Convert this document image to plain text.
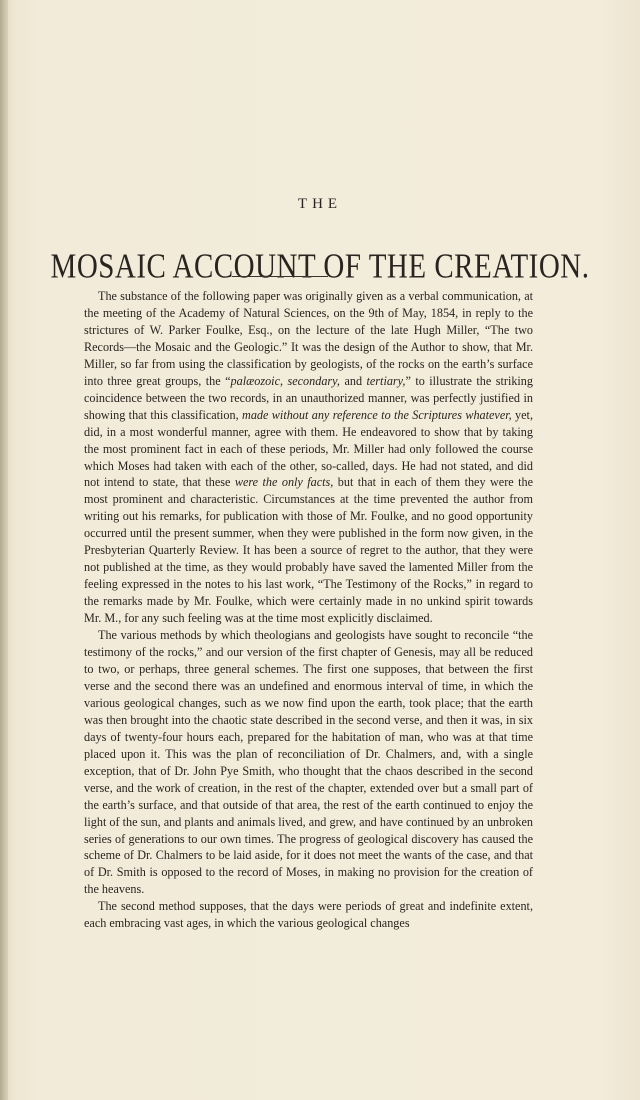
THE
MOSAIC ACCOUNT OF THE CREATION.

The substance of the following paper was originally given as a verbal communication, at the meeting of the Academy of Natural Sciences, on the 9th of May, 1854, in reply to the strictures of W. Parker Foulke, Esq., on the lecture of the late Hugh Miller, “The two Records—the Mosaic and the Geologic.” It was the design of the Author to show, that Mr. Miller, so far from using the classification by geologists, of the rocks on the earth’s surface into three great groups, the “palæozoic, secondary, and tertiary,” to illustrate the striking coincidence between the two records, in an unauthorized manner, was perfectly justified in showing that this classification, made without any reference to the Scriptures whatever, yet, did, in a most wonderful manner, agree with them. He endeavored to show that by taking the most prominent fact in each of these periods, Mr. Miller had only followed the course which Moses had taken with each of the other, so-called, days. He had not stated, and did not intend to state, that these were the only facts, but that in each of them they were the most prominent and characteristic. Circumstances at the time prevented the author from writing out his remarks, for publication with those of Mr. Foulke, and no good opportunity occurred until the present summer, when they were published in the form now given, in the Presbyterian Quarterly Review. It has been a source of regret to the author, that they were not published at the time, as they would probably have saved the lamented Miller from the feeling expressed in the notes to his last work, “The Testimony of the Rocks,” in regard to the remarks made by Mr. Foulke, which were certainly made in no unkind spirit towards Mr. M., for any such feeling was at the time most explicitly disclaimed.

The various methods by which theologians and geologists have sought to reconcile “the testimony of the rocks,” and our version of the first chapter of Genesis, may all be reduced to two, or perhaps, three general schemes. The first one supposes, that between the first verse and the second there was an undefined and enormous interval of time, in which the various geological changes, such as we now find upon the earth, took place; that the earth was then brought into the chaotic state described in the second verse, and then it was, in six days of twenty-four hours each, prepared for the habitation of man, who was at that time placed upon it. This was the plan of reconciliation of Dr. Chalmers, and, with a single exception, that of Dr. John Pye Smith, who thought that the chaos described in the second verse, and the work of creation, in the rest of the chapter, extended over but a small part of the earth’s surface, and that outside of that area, the rest of the earth continued to enjoy the light of the sun, and plants and animals lived, and grew, and have continued by an unbroken series of generations to our own times. The progress of geological discovery has caused the scheme of Dr. Chalmers to be laid aside, for it does not meet the wants of the case, and that of Dr. Smith is opposed to the record of Moses, in making no provision for the creation of the heavens.

The second method supposes, that the days were periods of great and indefinite extent, each embracing vast ages, in which the various geological changes
